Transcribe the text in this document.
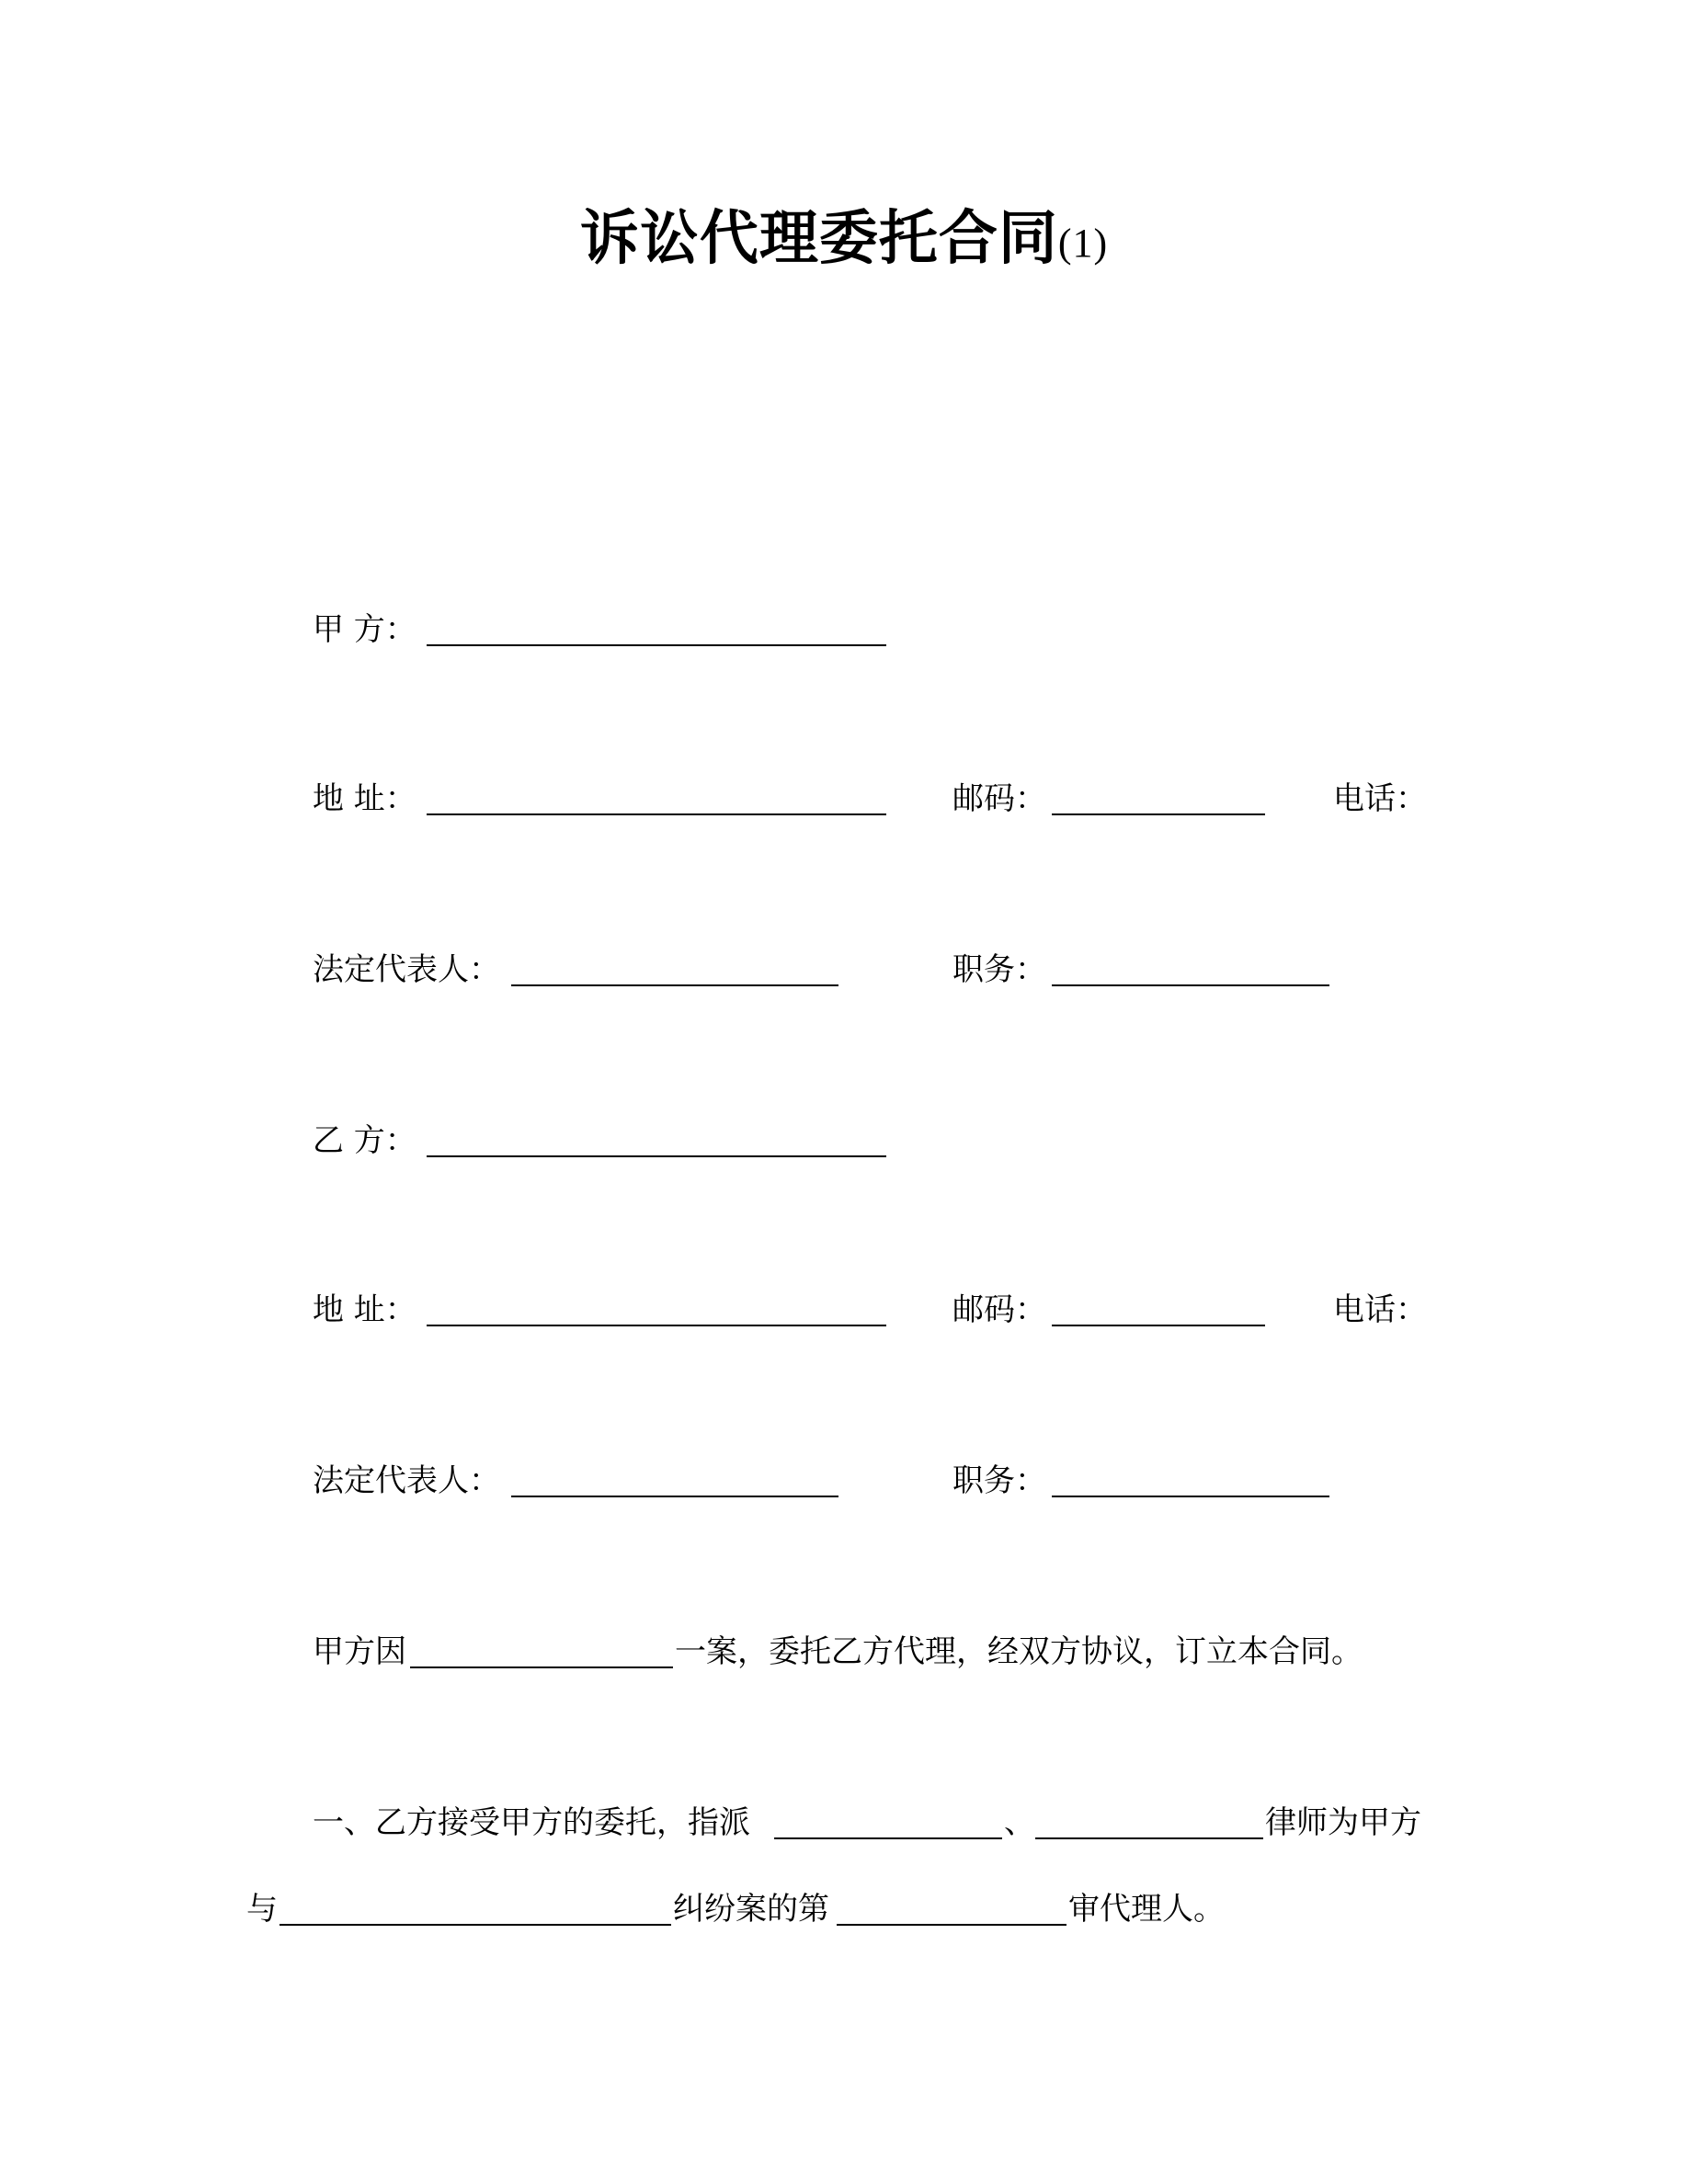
诉讼代理委托合同(1)
甲 方：
地 址：	邮码：	电话：
法定代表人：	职务：
乙 方：
地 址：	邮码：	电话：
法定代表人：	职务：
甲方因	一案，委托乙方代理，经双方协议，订立本合同。
一、乙方接受甲方的委托，指派	、	律师为甲方
与	纠纷案的第	审代理人。
